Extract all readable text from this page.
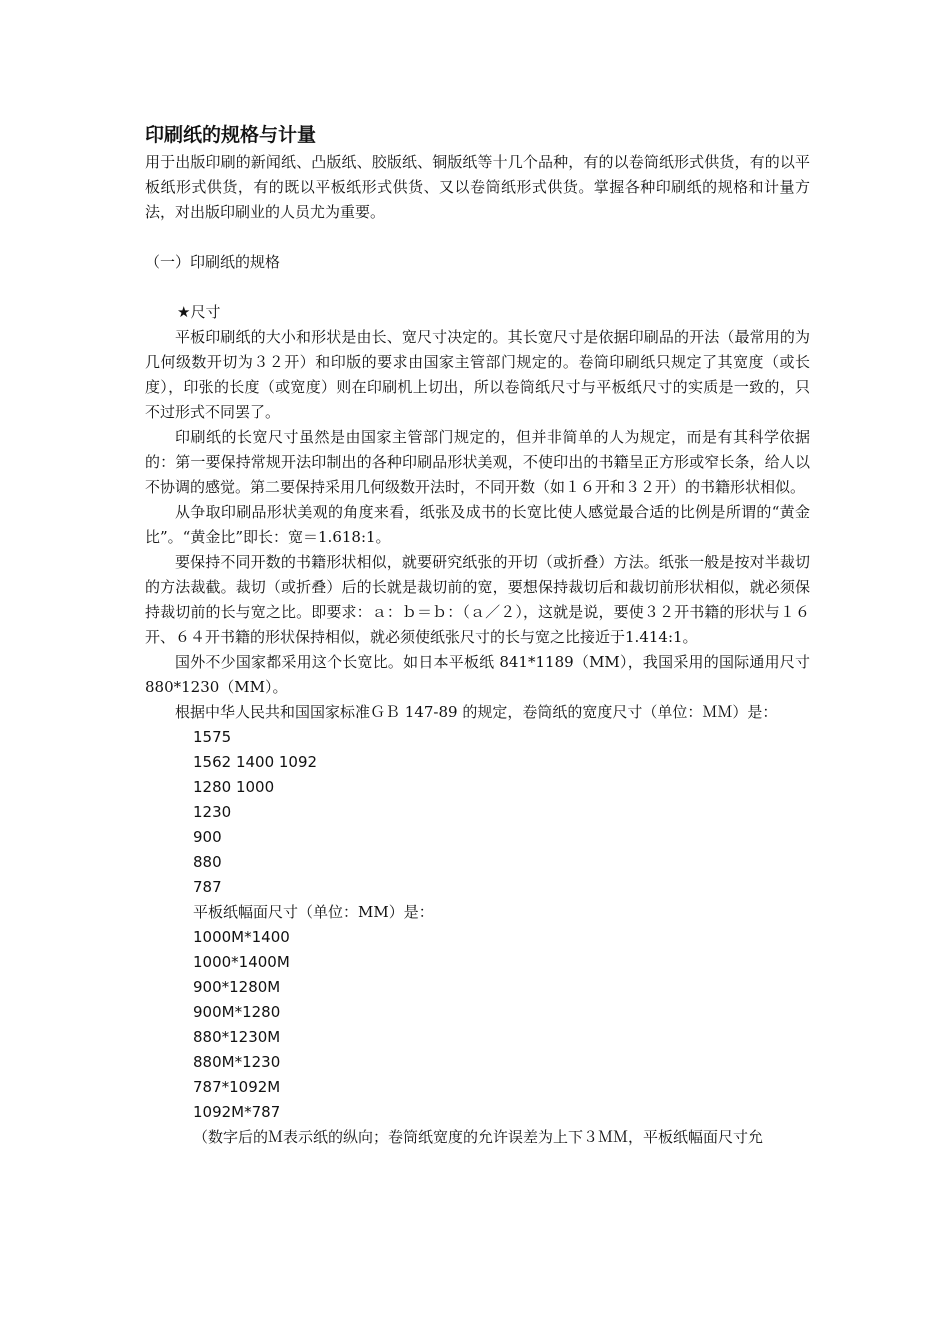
印刷纸的规格与计量

用于出版印刷的新闻纸、凸版纸、胶版纸、铜版纸等十几个品种，有的以卷筒纸形式供货，有的以平板纸形式供货，有的既以平板纸形式供货、又以卷筒纸形式供货。掌握各种印刷纸的规格和计量方法，对出版印刷业的人员尤为重要。

（一）印刷纸的规格

★尺寸

平板印刷纸的大小和形状是由长、宽尺寸决定的。其长宽尺寸是依据印刷品的开法（最常用的为几何级数开切为３２开）和印版的要求由国家主管部门规定的。卷筒印刷纸只规定了其宽度（或长度），印张的长度（或宽度）则在印刷机上切出，所以卷筒纸尺寸与平板纸尺寸的实质是一致的，只不过形式不同罢了。

印刷纸的长宽尺寸虽然是由国家主管部门规定的，但并非简单的人为规定，而是有其科学依据的：第一要保持常规开法印制出的各种印刷品形状美观，不使印出的书籍呈正方形或窄长条，给人以不协调的感觉。第二要保持采用几何级数开法时，不同开数（如１６开和３２开）的书籍形状相似。

从争取印刷品形状美观的角度来看，纸张及成书的长宽比使人感觉最合适的比例是所谓的“黄金比”。“黄金比”即长：宽＝1.618:1。

要保持不同开数的书籍形状相似，就要研究纸张的开切（或折叠）方法。纸张一般是按对半裁切的方法裁截。裁切（或折叠）后的长就是裁切前的宽，要想保持裁切后和裁切前形状相似，就必须保持裁切前的长与宽之比。即要求：ａ：ｂ＝ｂ：（ａ／２），这就是说，要使３２开书籍的形状与１６开、６４开书籍的形状保持相似，就必须使纸张尺寸的长与宽之比接近于1.414:1。

国外不少国家都采用这个长宽比。如日本平板纸 841*1189（MM），我国采用的国际通用尺寸 880*1230（MM）。

根据中华人民共和国国家标准ＧＢ 147-89 的规定，卷筒纸的宽度尺寸（单位：ＭＭ）是：

1575
1562 1400 1092
1280 1000
1230
900
880
787

平板纸幅面尺寸（单位：MM）是：

1000M*1400
1000*1400M
900*1280M
900M*1280
880*1230M
880M*1230
787*1092M
1092M*787

（数字后的Ｍ表示纸的纵向；卷筒纸宽度的允许误差为上下３ＭＭ，平板纸幅面尺寸允
